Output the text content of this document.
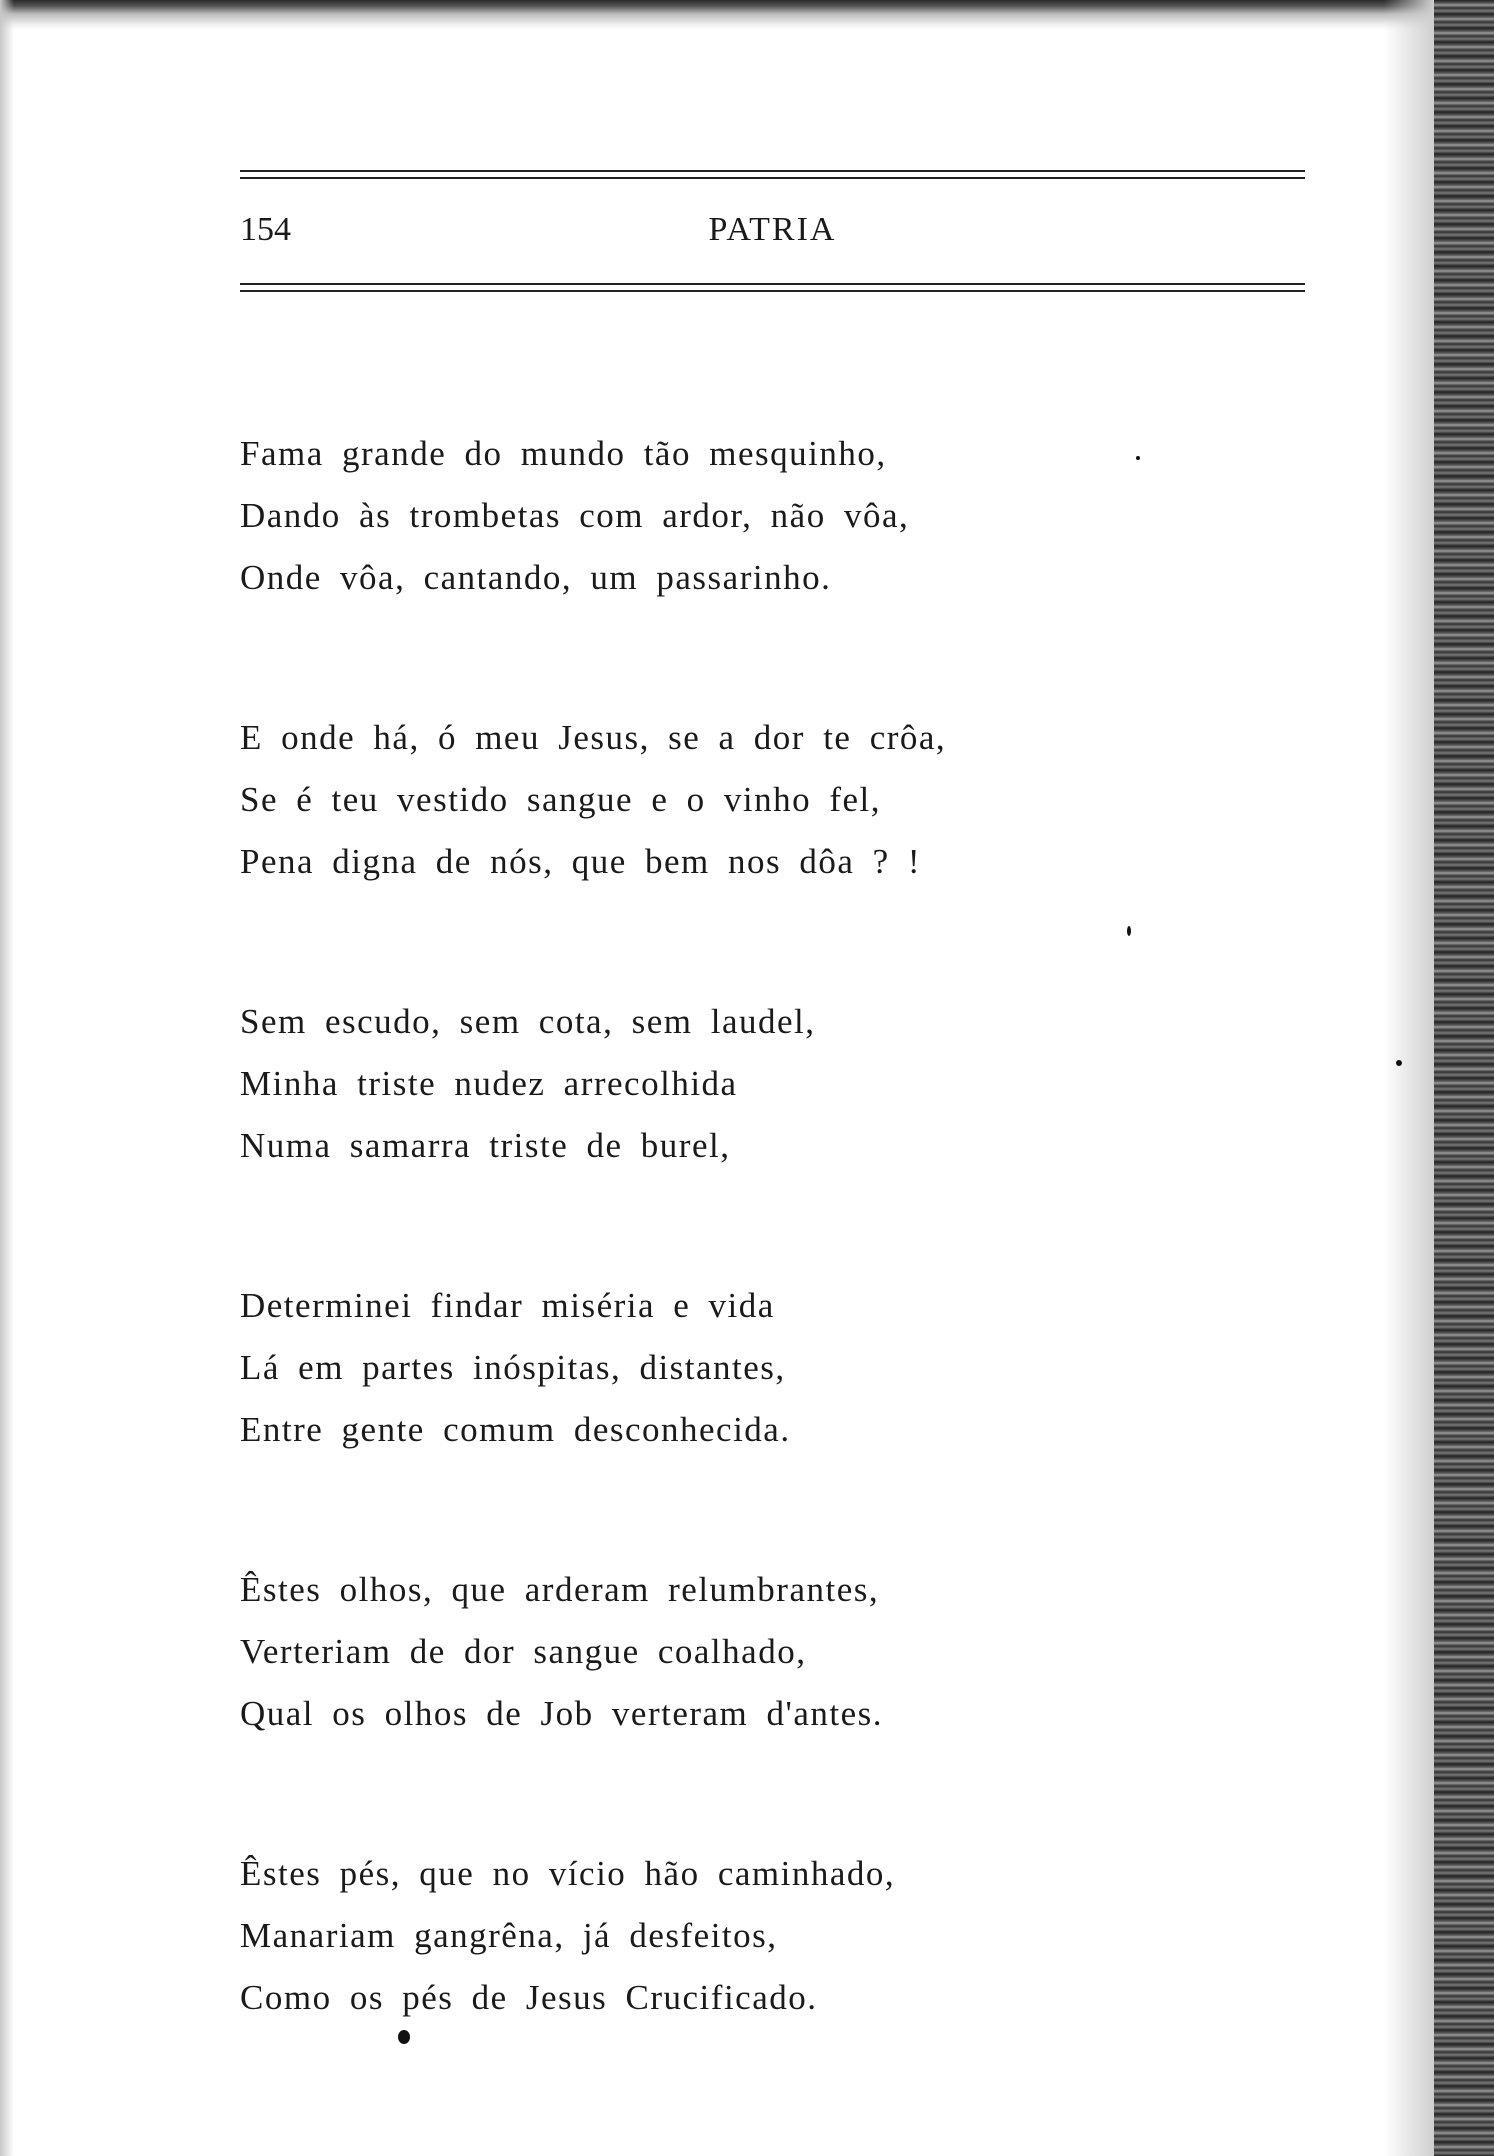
154	PATRIA
Fama grande do mundo tão mesquinho,
Dando às trombetas com ardor, não vôa,
Onde vôa, cantando, um passarinho.
E onde há, ó meu Jesus, se a dor te crôa,
Se é teu vestido sangue e o vinho fel,
Pena digna de nós, que bem nos dôa ? !
Sem escudo, sem cota, sem laudel,
Minha triste nudez arrecolhida
Numa samarra triste de burel,
Determinei findar miséria e vida
Lá em partes inóspitas, distantes,
Entre gente comum desconhecida.
Êstes olhos, que arderam relumbrantes,
Verteriam de dor sangue coalhado,
Qual os olhos de Job verteram d'antes.
Êstes pés, que no vício hão caminhado,
Manariam gangrêna, já desfeitos,
Como os pés de Jesus Crucificado.
